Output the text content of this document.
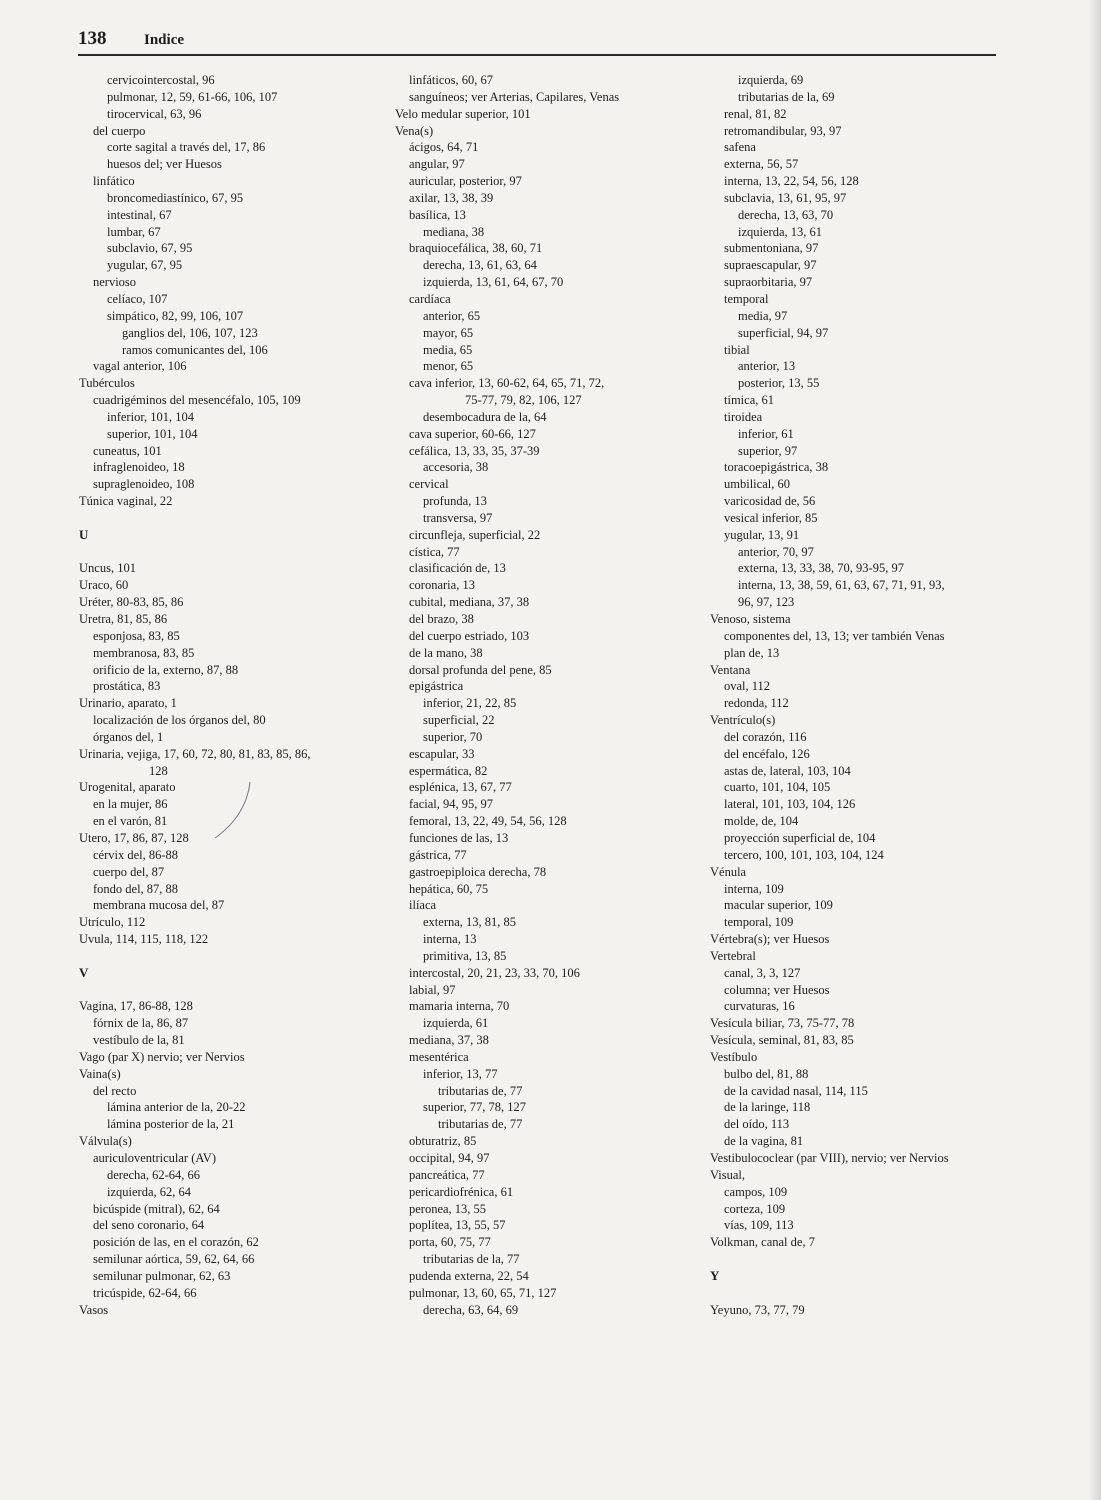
138	Indice
cervicointercostal, 96
pulmonar, 12, 59, 61-66, 106, 107
tirocervical, 63, 96
del cuerpo
corte sagital a través del, 17, 86
huesos del; ver Huesos
linfático
broncomediastínico, 67, 95
intestinal, 67
lumbar, 67
subclavio, 67, 95
yugular, 67, 95
nervioso
celíaco, 107
simpático, 82, 99, 106, 107
ganglios del, 106, 107, 123
ramos comunicantes del, 106
vagal anterior, 106
Tubérculos
cuadrigéminos del mesencéfalo, 105, 109
inferior, 101, 104
superior, 101, 104
cuneatus, 101
infraglenoideo, 18
supraglenoideo, 108
Túnica vaginal, 22
U
Uncus, 101
Uraco, 60
Uréter, 80-83, 85, 86
Uretra, 81, 85, 86
esponjosa, 83, 85
membranosa, 83, 85
orificio de la, externo, 87, 88
prostática, 83
Urinario, aparato, 1
localización de los órganos del, 80
órganos del, 1
Urinaria, vejiga, 17, 60, 72, 80, 81, 83, 85, 86,
128
Urogenital, aparato
en la mujer, 86
en el varón, 81
Utero, 17, 86, 87, 128
cérvix del, 86-88
cuerpo del, 87
fondo del, 87, 88
membrana mucosa del, 87
Utrículo, 112
Uvula, 114, 115, 118, 122
V
Vagina, 17, 86-88, 128
fórnix de la, 86, 87
vestíbulo de la, 81
Vago (par X) nervio; ver Nervios
Vaina(s)
del recto
lámina anterior de la, 20-22
lámina posterior de la, 21
Válvula(s)
auriculoventricular (AV)
derecha, 62-64, 66
izquierda, 62, 64
bicúspide (mitral), 62, 64
del seno coronario, 64
posición de las, en el corazón, 62
semilunar aórtica, 59, 62, 64, 66
semilunar pulmonar, 62, 63
tricúspide, 62-64, 66
Vasos
linfáticos, 60, 67
sanguíneos; ver Arterias, Capilares, Venas
Velo medular superior, 101
Vena(s)
ácigos, 64, 71
angular, 97
auricular, posterior, 97
axilar, 13, 38, 39
basílica, 13
mediana, 38
braquiocefálica, 38, 60, 71
derecha, 13, 61, 63, 64
izquierda, 13, 61, 64, 67, 70
cardíaca
anterior, 65
mayor, 65
media, 65
menor, 65
cava inferior, 13, 60-62, 64, 65, 71, 72,
75-77, 79, 82, 106, 127
desembocadura de la, 64
cava superior, 60-66, 127
cefálica, 13, 33, 35, 37-39
accesoria, 38
cervical
profunda, 13
transversa, 97
circunfleja, superficial, 22
cística, 77
clasificación de, 13
coronaria, 13
cubital, mediana, 37, 38
del brazo, 38
del cuerpo estriado, 103
de la mano, 38
dorsal profunda del pene, 85
epigástrica
inferior, 21, 22, 85
superficial, 22
superior, 70
escapular, 33
espermática, 82
esplénica, 13, 67, 77
facial, 94, 95, 97
femoral, 13, 22, 49, 54, 56, 128
funciones de las, 13
gástrica, 77
gastroepiploica derecha, 78
hepática, 60, 75
ilíaca
externa, 13, 81, 85
interna, 13
primitiva, 13, 85
intercostal, 20, 21, 23, 33, 70, 106
labial, 97
mamaria interna, 70
izquierda, 61
mediana, 37, 38
mesentérica
inferior, 13, 77
tributarias de, 77
superior, 77, 78, 127
tributarias de, 77
obturatriz, 85
occipital, 94, 97
pancreática, 77
pericardiofrénica, 61
peronea, 13, 55
poplítea, 13, 55, 57
porta, 60, 75, 77
tributarias de la, 77
pudenda externa, 22, 54
pulmonar, 13, 60, 65, 71, 127
derecha, 63, 64, 69
izquierda, 69
tributarias de la, 69
renal, 81, 82
retromandibular, 93, 97
safena
externa, 56, 57
interna, 13, 22, 54, 56, 128
subclavia, 13, 61, 95, 97
derecha, 13, 63, 70
izquierda, 13, 61
submentoniana, 97
supraescapular, 97
supraorbitaria, 97
temporal
media, 97
superficial, 94, 97
tibial
anterior, 13
posterior, 13, 55
tímica, 61
tiroidea
inferior, 61
superior, 97
toracoepigástrica, 38
umbilical, 60
varicosidad de, 56
vesical inferior, 85
yugular, 13, 91
anterior, 70, 97
externa, 13, 33, 38, 70, 93-95, 97
interna, 13, 38, 59, 61, 63, 67, 71, 91, 93,
96, 97, 123
Venoso, sistema
componentes del, 13, 13; ver también Venas
plan de, 13
Ventana
oval, 112
redonda, 112
Ventrículo(s)
del corazón, 116
del encéfalo, 126
astas de, lateral, 103, 104
cuarto, 101, 104, 105
lateral, 101, 103, 104, 126
molde, de, 104
proyección superficial de, 104
tercero, 100, 101, 103, 104, 124
Vénula
interna, 109
macular superior, 109
temporal, 109
Vértebra(s); ver Huesos
Vertebral
canal, 3, 3, 127
columna; ver Huesos
curvaturas, 16
Vesícula biliar, 73, 75-77, 78
Vesícula, seminal, 81, 83, 85
Vestíbulo
bulbo del, 81, 88
de la cavidad nasal, 114, 115
de la laringe, 118
del oído, 113
de la vagina, 81
Vestibulococlear (par VIII), nervio; ver Nervios
Visual,
campos, 109
corteza, 109
vías, 109, 113
Volkman, canal de, 7
Y
Yeyuno, 73, 77, 79
